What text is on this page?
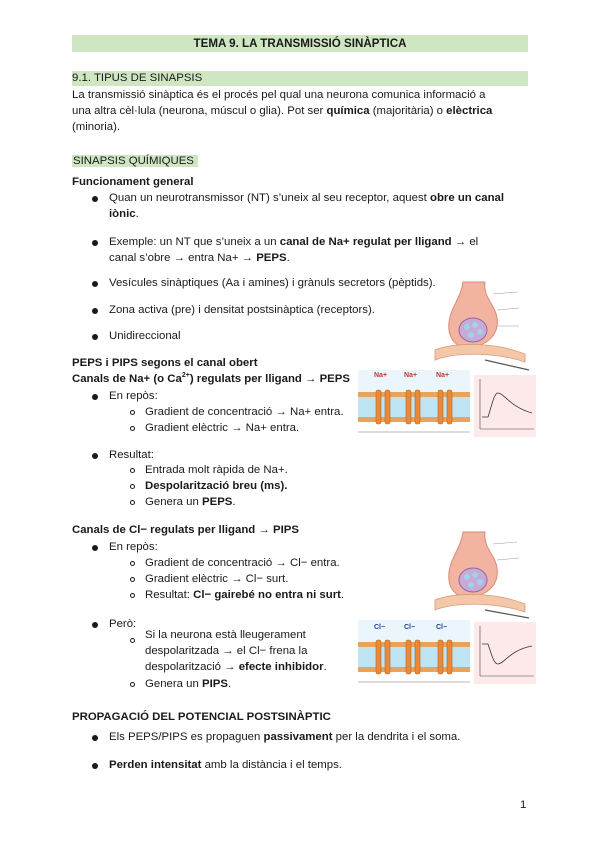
TEMA 9. LA TRANSMISSIÓ SINÀPTICA
9.1. TIPUS DE SINAPSIS
La transmissió sinàptica és el procés pel qual una neurona comunica informació a
una altra cèl·lula (neurona, múscul o glia). Pot ser química (majoritària) o elèctrica
(minoria).
SINAPSIS QUÍMIQUES
Funcionament general
Quan un neurotransmissor (NT) s’uneix al seu receptor, aquest obre un canal
iònic.
Exemple: un NT que s’uneix a un canal de Na+ regulat per lligand → el
canal s’obre → entra Na+ → PEPS.
Vesícules sinàptiques (Aa i amines) i grànuls secretors (pèptids).
Zona activa (pre) i densitat postsinàptica (receptors).
Unidireccional
PEPS i PIPS segons el canal obert
Canals de Na+ (o $Ca^{2+}$) regulats per lligand → PEPS
En repòs:
Gradient de concentració → Na+ entra.
Gradient elèctric → Na+ entra.
Resultat:
Entrada molt ràpida de Na+.
Despolarització breu (ms).
Genera un PEPS.
Canals de Cl− regulats per lligand → PIPS
En repòs:
Gradient de concentració → Cl− entra.
Gradient elèctric → Cl− surt.
Resultat: Cl− gairebé no entra ni surt.
Però:
Si la neurona està lleugerament
despolaritzada → el Cl− frena la
despolarització → efecte inhibidor.
Genera un PIPS.
PROPAGACIÓ DEL POTENCIAL POSTSINÀPTIC
Els PEPS/PIPS es propaguen passivament per la dendrita i el soma.
Perden intensitat amb la distància i el temps.
1
Na+ Na+	Na+
Cl−	Cl−	Cl−
